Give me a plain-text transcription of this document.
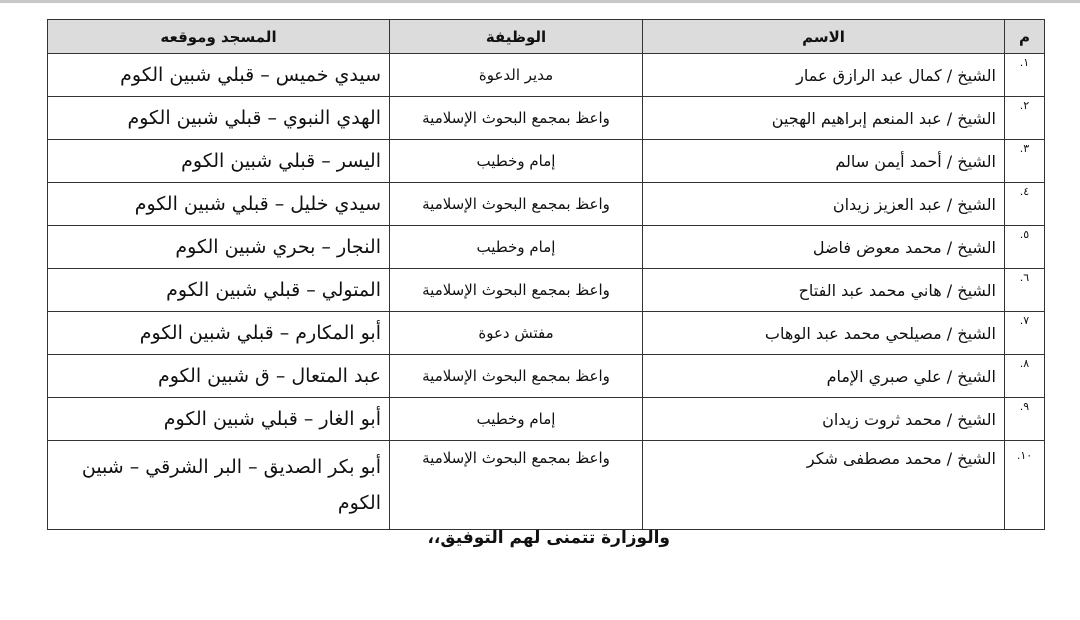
م	الاسم	الوظيفة	المسجد وموقعه
١.	الشيخ / كمال عبد الرازق عمار	مدير الدعوة	سيدي خميس – قبلي شبين الكوم
٢.	الشيخ / عبد المنعم إبراهيم الهجين	واعظ بمجمع البحوث الإسلامية	الهدي النبوي – قبلي شبين الكوم
٣.	الشيخ / أحمد أيمن سالم	إمام وخطيب	اليسر – قبلي شبين الكوم
٤.	الشيخ / عبد العزيز زيدان	واعظ بمجمع البحوث الإسلامية	سيدي خليل – قبلي شبين الكوم
٥.	الشيخ / محمد معوض فاضل	إمام وخطيب	النجار – بحري شبين الكوم
٦.	الشيخ / هاني محمد عبد الفتاح	واعظ بمجمع البحوث الإسلامية	المتولي – قبلي شبين الكوم
٧.	الشيخ / مصيلحي محمد عبد الوهاب	مفتش دعوة	أبو المكارم – قبلي شبين الكوم
٨.	الشيخ / علي صبري الإمام	واعظ بمجمع البحوث الإسلامية	عبد المتعال – ق شبين الكوم
٩.	الشيخ / محمد ثروت زيدان	إمام وخطيب	أبو الغار – قبلي شبين الكوم
١٠.	الشيخ / محمد مصطفى شكر	واعظ بمجمع البحوث الإسلامية	أبو بكر الصديق – البر الشرقي – شبين الكوم
والوزارة تتمنى لهم التوفيق،،
